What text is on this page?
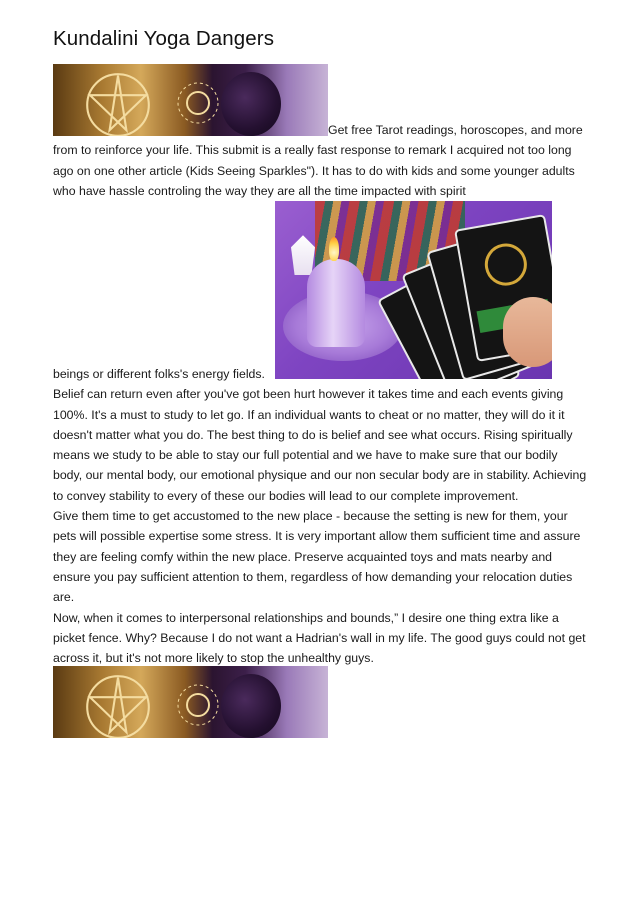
Kundalini Yoga Dangers

Get free Tarot readings, horoscopes, and more from to reinforce your life. This submit is a really fast response to remark I acquired not too long ago on one other article (Kids Seeing Sparkles"). It has to do with kids and some younger adults who have hassle controling the way they are all the time impacted with spirit

beings or different folks's energy fields.

Belief can return even after you've got been hurt however it takes time and each events giving 100%. It's a must to study to let go. If an individual wants to cheat or no matter, they will do it it doesn't matter what you do. The best thing to do is belief and see what occurs. Rising spiritually means we study to be able to stay our full potential and we have to make sure that our bodily body, our mental body, our emotional physique and our non secular body are in stability. Achieving to convey stability to every of these our bodies will lead to our complete improvement.

Give them time to get accustomed to the new place - because the setting is new for them, your pets will possible expertise some stress. It is very important allow them sufficient time and assure they are feeling comfy within the new place. Preserve acquainted toys and mats nearby and ensure you pay sufficient attention to them, regardless of how demanding your relocation duties are.

Now, when it comes to interpersonal relationships and bounds,” I desire one thing extra like a picket fence. Why? Because I do not want a Hadrian's wall in my life. The good guys could not get across it, but it's not more likely to stop the unhealthy guys.
